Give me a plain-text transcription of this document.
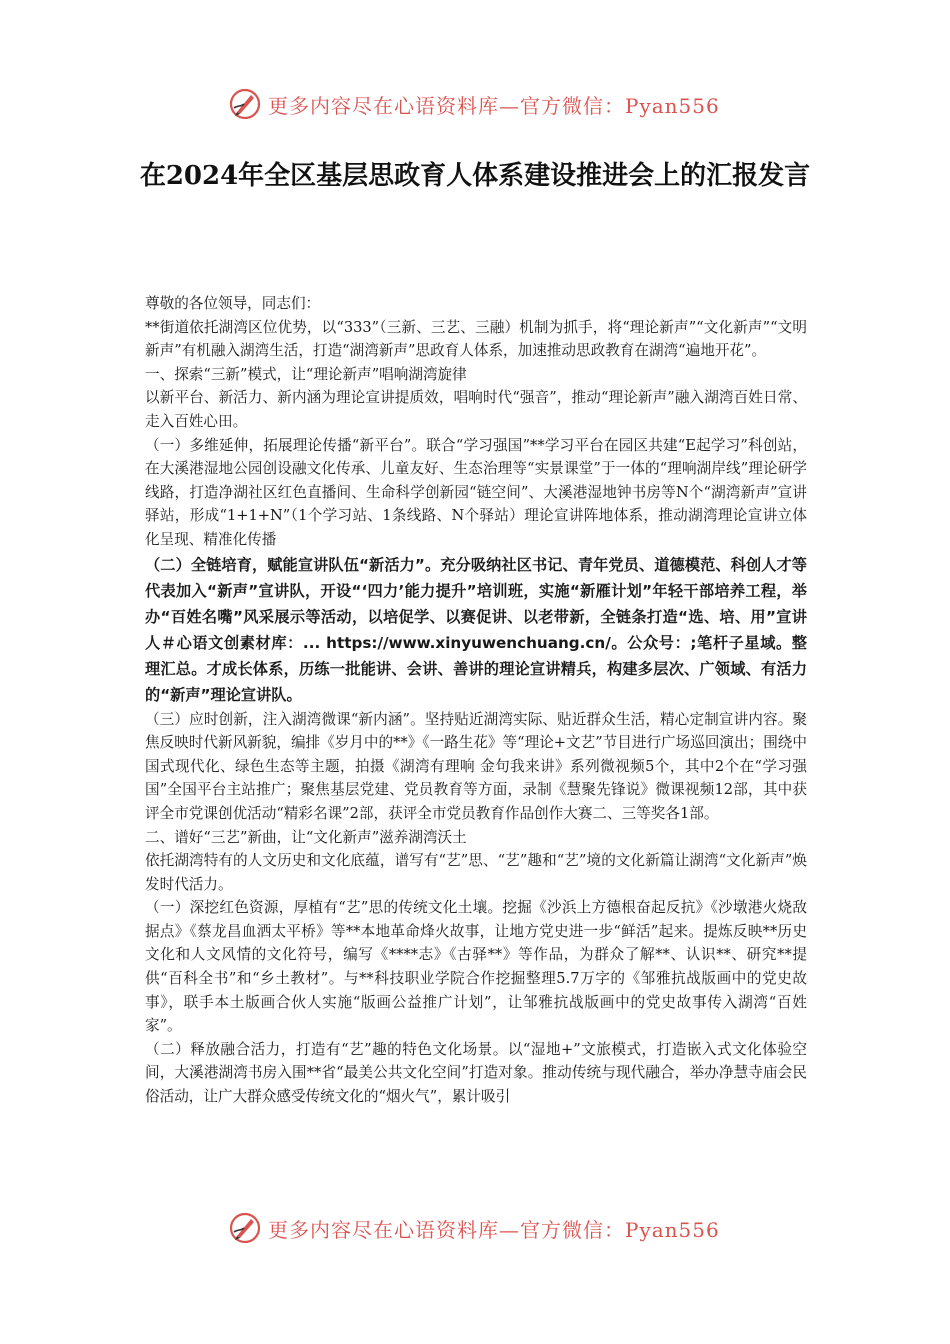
更多内容尽在心语资料库—官方微信：Pyan556
在2024年全区基层思政育人体系建设推进会上的汇报发言

尊敬的各位领导，同志们：

**街道依托湖湾区位优势，以“333”（三新、三艺、三融）机制为抓手，将“理论新声”“文化新声”“文明新声”有机融入湖湾生活，打造“湖湾新声”思政育人体系，加速推动思政教育在湖湾“遍地开花”。

一、探索“三新”模式，让“理论新声”唱响湖湾旋律

以新平台、新活力、新内涵为理论宣讲提质效，唱响时代“强音”，推动“理论新声”融入湖湾百姓日常、走入百姓心田。

（一）多维延伸，拓展理论传播“新平台”。联合“学习强国”**学习平台在园区共建“E起学习”科创站，在大溪港湿地公园创设融文化传承、儿童友好、生态治理等“实景课堂”于一体的“理响湖岸线”理论研学线路，打造净湖社区红色直播间、生命科学创新园“链空间”、大溪港湿地钟书房等N个“湖湾新声”宣讲驿站，形成“1+1+N”（1个学习站、1条线路、N个驿站）理论宣讲阵地体系，推动湖湾理论宣讲立体化呈现、精准化传播

（二）全链培育，赋能宣讲队伍“新活力”。充分吸纳社区书记、青年党员、道德模范、科创人才等代表加入“新声”宣讲队，开设“‘四力’能力提升”培训班，实施“新雁计划”年轻干部培养工程，举办“百姓名嘴”风采展示等活动，以培促学、以赛促讲、以老带新，全链条打造“选、培、用”宣讲人＃心语文创素材库：... https://www.xinyuwenchuang.cn/。公众号：;笔杆子星域。整理汇总。才成长体系，历练一批能讲、会讲、善讲的理论宣讲精兵，构建多层次、广领域、有活力的“新声”理论宣讲队。

（三）应时创新，注入湖湾微课“新内涵”。坚持贴近湖湾实际、贴近群众生活，精心定制宣讲内容。聚焦反映时代新风新貌，编排《岁月中的**》《一路生花》等“理论+文艺”节目进行广场巡回演出；围绕中国式现代化、绿色生态等主题，拍摄《湖湾有理响 金句我来讲》系列微视频5个，其中2个在“学习强国”全国平台主站推广；聚焦基层党建、党员教育等方面，录制《慧聚先锋说》微课视频12部，其中获评全市党课创优活动“精彩名课”2部，获评全市党员教育作品创作大赛二、三等奖各1部。

二、谱好“三艺”新曲，让“文化新声”滋养湖湾沃土

依托湖湾特有的人文历史和文化底蕴，谱写有“艺”思、“艺”趣和“艺”境的文化新篇让湖湾“文化新声”焕发时代活力。

（一）深挖红色资源，厚植有“艺”思的传统文化土壤。挖掘《沙浜上方德根奋起反抗》《沙墩港火烧敌据点》《蔡龙昌血洒太平桥》等**本地革命烽火故事，让地方党史进一步“鲜活”起来。提炼反映**历史文化和人文风情的文化符号，编写《****志》《古驿**》等作品，为群众了解**、认识**、研究**提供“百科全书”和“乡土教材”。与**科技职业学院合作挖掘整理5.7万字的《邹雅抗战版画中的党史故事》，联手本土版画合伙人实施“版画公益推广计划”，让邹雅抗战版画中的党史故事传入湖湾“百姓家”。

（二）释放融合活力，打造有“艺”趣的特色文化场景。以“湿地+”文旅模式，打造嵌入式文化体验空间，大溪港湖湾书房入围**省“最美公共文化空间”打造对象。推动传统与现代融合，举办净慧寺庙会民俗活动，让广大群众感受传统文化的“烟火气”，累计吸引

更多内容尽在心语资料库—官方微信：Pyan556
